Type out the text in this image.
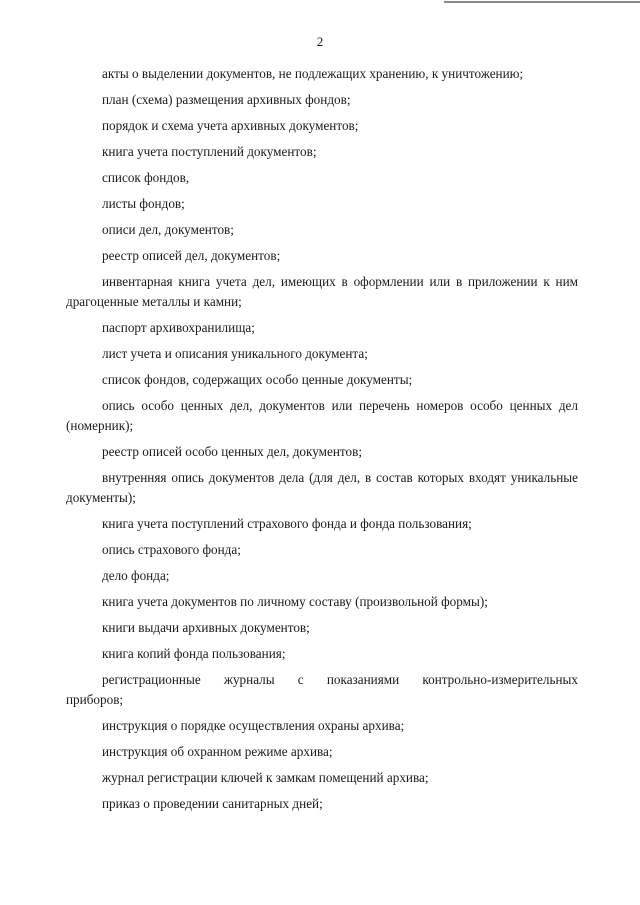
2
акты о выделении документов, не подлежащих хранению, к уничтожению;
план (схема) размещения архивных фондов;
порядок и схема учета архивных документов;
книга учета поступлений документов;
список фондов,
листы фондов;
описи дел, документов;
реестр описей дел, документов;
инвентарная книга учета дел, имеющих в оформлении или в приложении к ним драгоценные металлы и камни;
паспорт архивохранилища;
лист учета и описания уникального документа;
список фондов, содержащих особо ценные документы;
опись особо ценных дел, документов или перечень номеров особо ценных дел (номерник);
реестр описей особо ценных дел, документов;
внутренняя опись документов дела (для дел, в состав которых входят уникальные документы);
книга учета поступлений страхового фонда и фонда пользования;
опись страхового фонда;
дело фонда;
книга учета документов по личному составу (произвольной формы);
книги выдачи архивных документов;
книга копий фонда пользования;
регистрационные журналы с показаниями контрольно-измерительных приборов;
инструкция о порядке осуществления охраны архива;
инструкция об охранном режиме архива;
журнал регистрации ключей к замкам помещений архива;
приказ о проведении санитарных дней;
